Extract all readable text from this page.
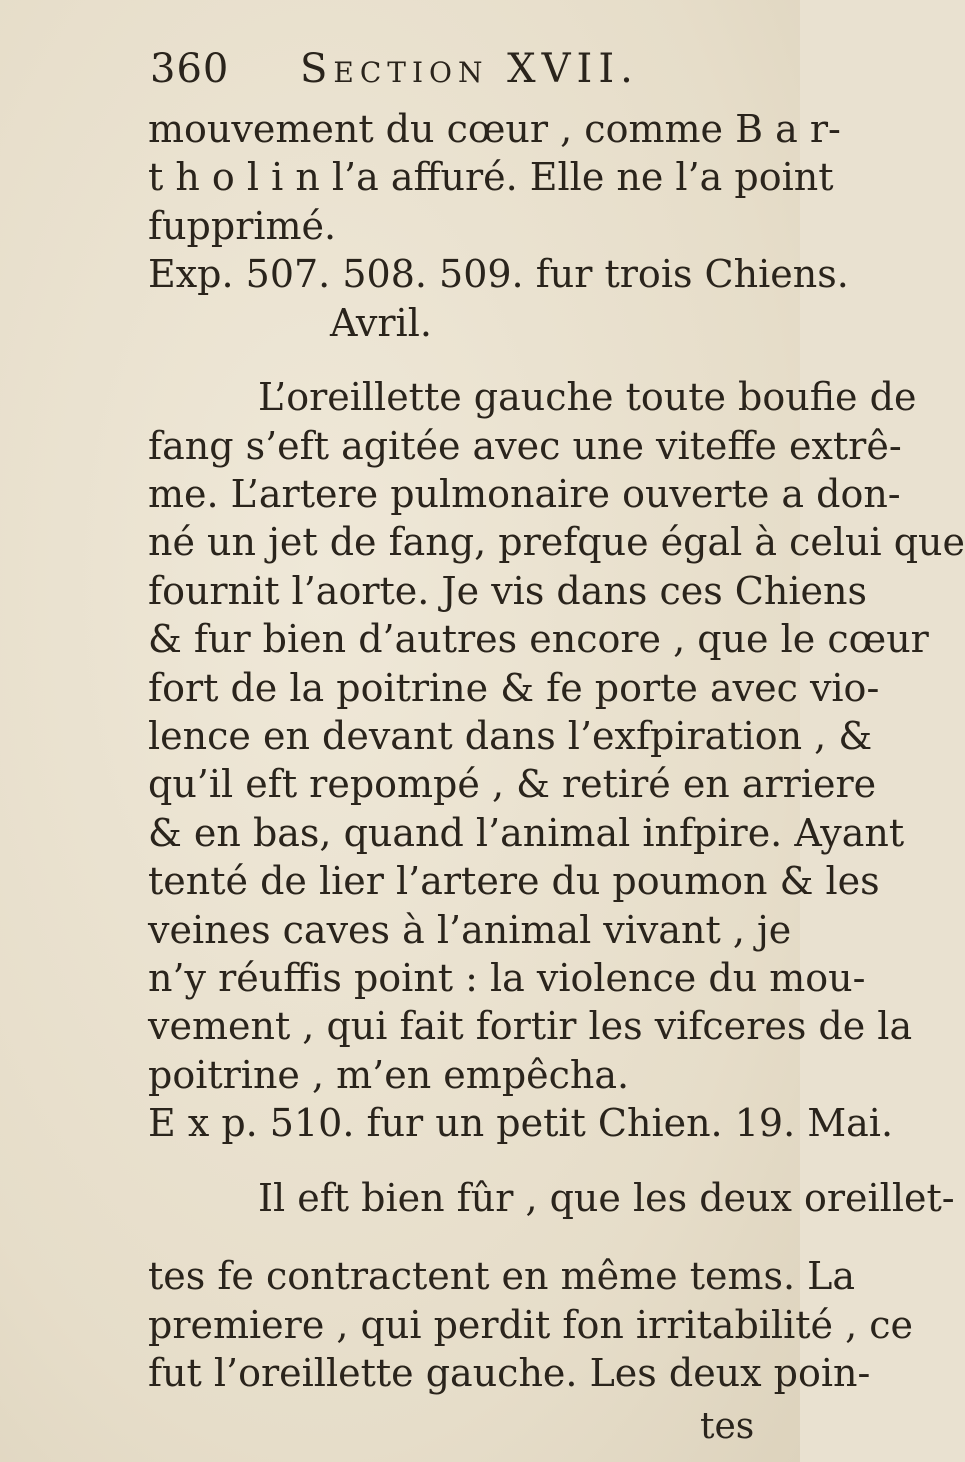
360 Section XVII.
mouvement du cœur , comme B a r-
t h o l i n l’a affuré. Elle ne l’a point
fupprimé.
Exp. 507. 508. 509. fur trois Chiens.
Avril.
L’oreillette gauche toute boufie de
fang s’eft agitée avec une viteffe extrê-
me. L’artere pulmonaire ouverte a don-
né un jet de fang, prefque égal à celui que
fournit l’aorte. Je vis dans ces Chiens
& fur bien d’autres encore , que le cœur
fort de la poitrine & fe porte avec vio-
lence en devant dans l’exfpiration , &
qu’il eft repompé , & retiré en arriere
& en bas, quand l’animal infpire. Ayant
tenté de lier l’artere du poumon & les
veines caves à l’animal vivant , je
n’y réuffis point : la violence du mou-
vement , qui fait fortir les vifceres de la
poitrine , m’en empêcha.
E x p. 510. fur un petit Chien. 19. Mai.
Il eft bien fûr , que les deux oreillet-
tes fe contractent en même tems. La
premiere , qui perdit fon irritabilité , ce
fut l’oreillette gauche. Les deux poin-
tes
